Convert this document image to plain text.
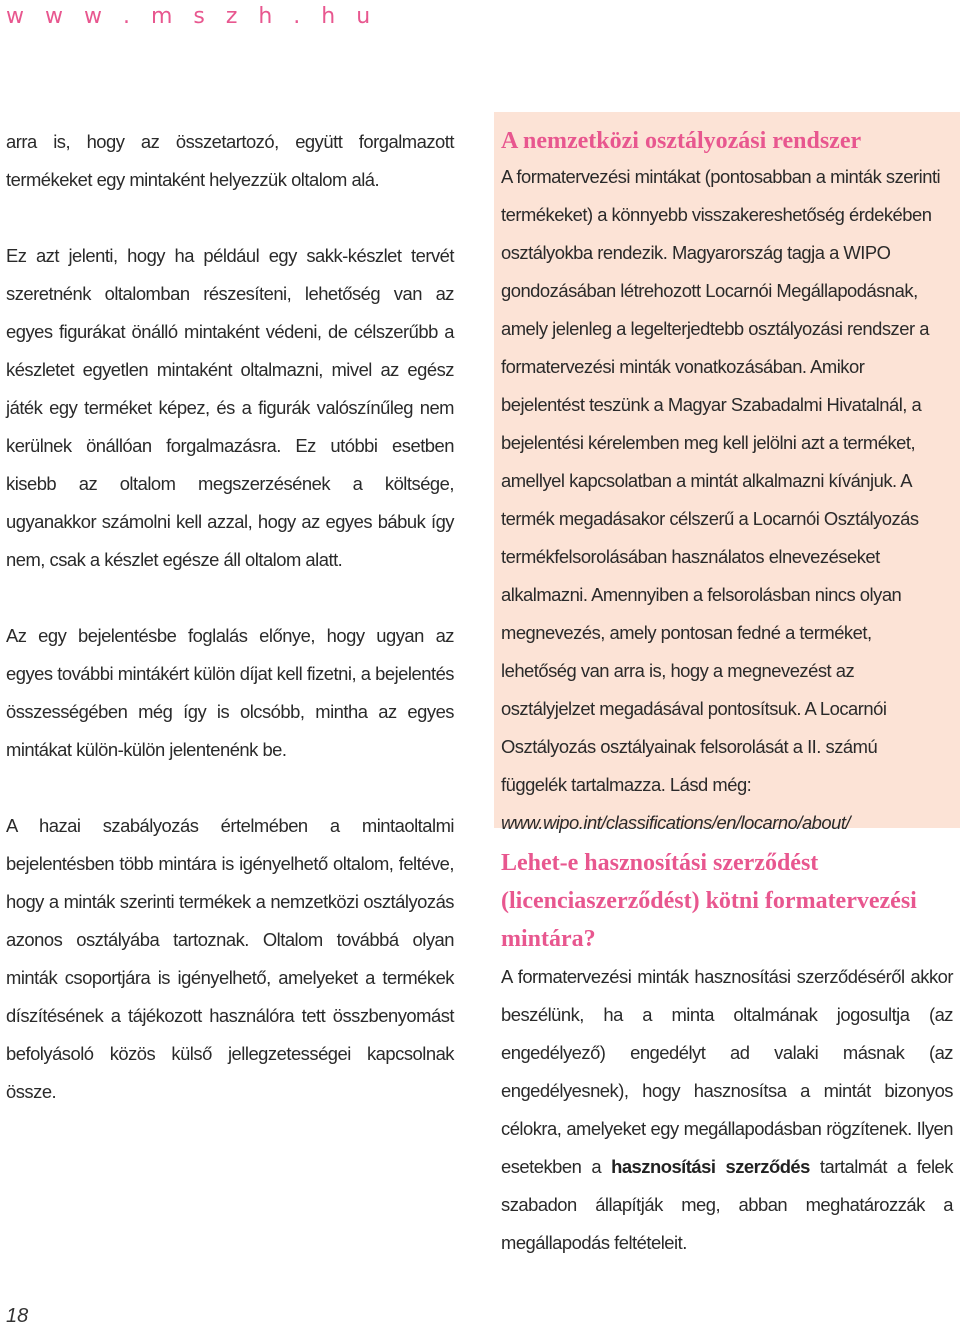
w w w . m s z h . h u

arra is, hogy az összetartozó, együtt forgalmazott termékeket egy mintaként helyezzük oltalom alá.

Ez azt jelenti, hogy ha például egy sakk-készlet tervét szeretnénk oltalomban részesíteni, lehetőség van az egyes figurákat önálló mintaként védeni, de célszerűbb a készletet egyetlen mintaként oltalmazni, mivel az egész játék egy terméket képez, és a figurák valószínűleg nem kerülnek önállóan forgalmazásra. Ez utóbbi esetben kisebb az oltalom megszerzésének a költsége, ugyanakkor számolni kell azzal, hogy az egyes bábuk így nem, csak a készlet egésze áll oltalom alatt.

Az egy bejelentésbe foglalás előnye, hogy ugyan az egyes további mintákért külön díjat kell fizetni, a bejelentés összességében még így is olcsóbb, mintha az egyes mintákat külön-külön jelentenénk be.

A hazai szabályozás értelmében a mintaoltalmi bejelentésben több mintára is igényelhető oltalom, feltéve, hogy a minták szerinti termékek a nemzetközi osztályozás azonos osztályába tartoznak. Oltalom továbbá olyan minták csoportjára is igényelhető, amelyeket a termékek díszítésének a tájékozott használóra tett összbenyomást befolyásoló közös külső jellegzetességei kapcsolnak össze.

A nemzetközi osztályozási rendszer

A formatervezési mintákat (pontosabban a minták szerinti termékeket) a könnyebb visszakereshetőség érdekében osztályokba rendezik. Magyarország tagja a WIPO gondozásában létrehozott Locarnói Megállapodásnak, amely jelenleg a legelterjedtebb osztályozási rendszer a formatervezési minták vonatkozásában. Amikor bejelentést teszünk a Magyar Szabadalmi Hivatalnál, a bejelentési kérelemben meg kell jelölni azt a terméket, amellyel kapcsolatban a mintát alkalmazni kívánjuk. A termék megadásakor célszerű a Locarnói Osztályozás termékfelsorolásában használatos elnevezéseket alkalmazni. Amennyiben a felsorolásban nincs olyan megnevezés, amely pontosan fedné a terméket, lehetőség van arra is, hogy a megnevezést az osztályjelzet megadásával pontosítsuk. A Locarnói Osztályozás osztályainak felsorolását a II. számú függelék tartalmazza. Lásd még:
www.wipo.int/classifications/en/locarno/about/

Lehet-e hasznosítási szerződést (licenciaszerződést) kötni formatervezési mintára?

A formatervezési minták hasznosítási szerződéséről akkor beszélünk, ha a minta oltalmának jogosultja (az engedélyező) engedélyt ad valaki másnak (az engedélyesnek), hogy hasznosítsa a mintát bizonyos célokra, amelyeket egy megállapodásban rögzítenek. Ilyen esetekben a hasznosítási szerződés tartalmát a felek szabadon állapítják meg, abban meghatározzák a megállapodás feltételeit.

18
